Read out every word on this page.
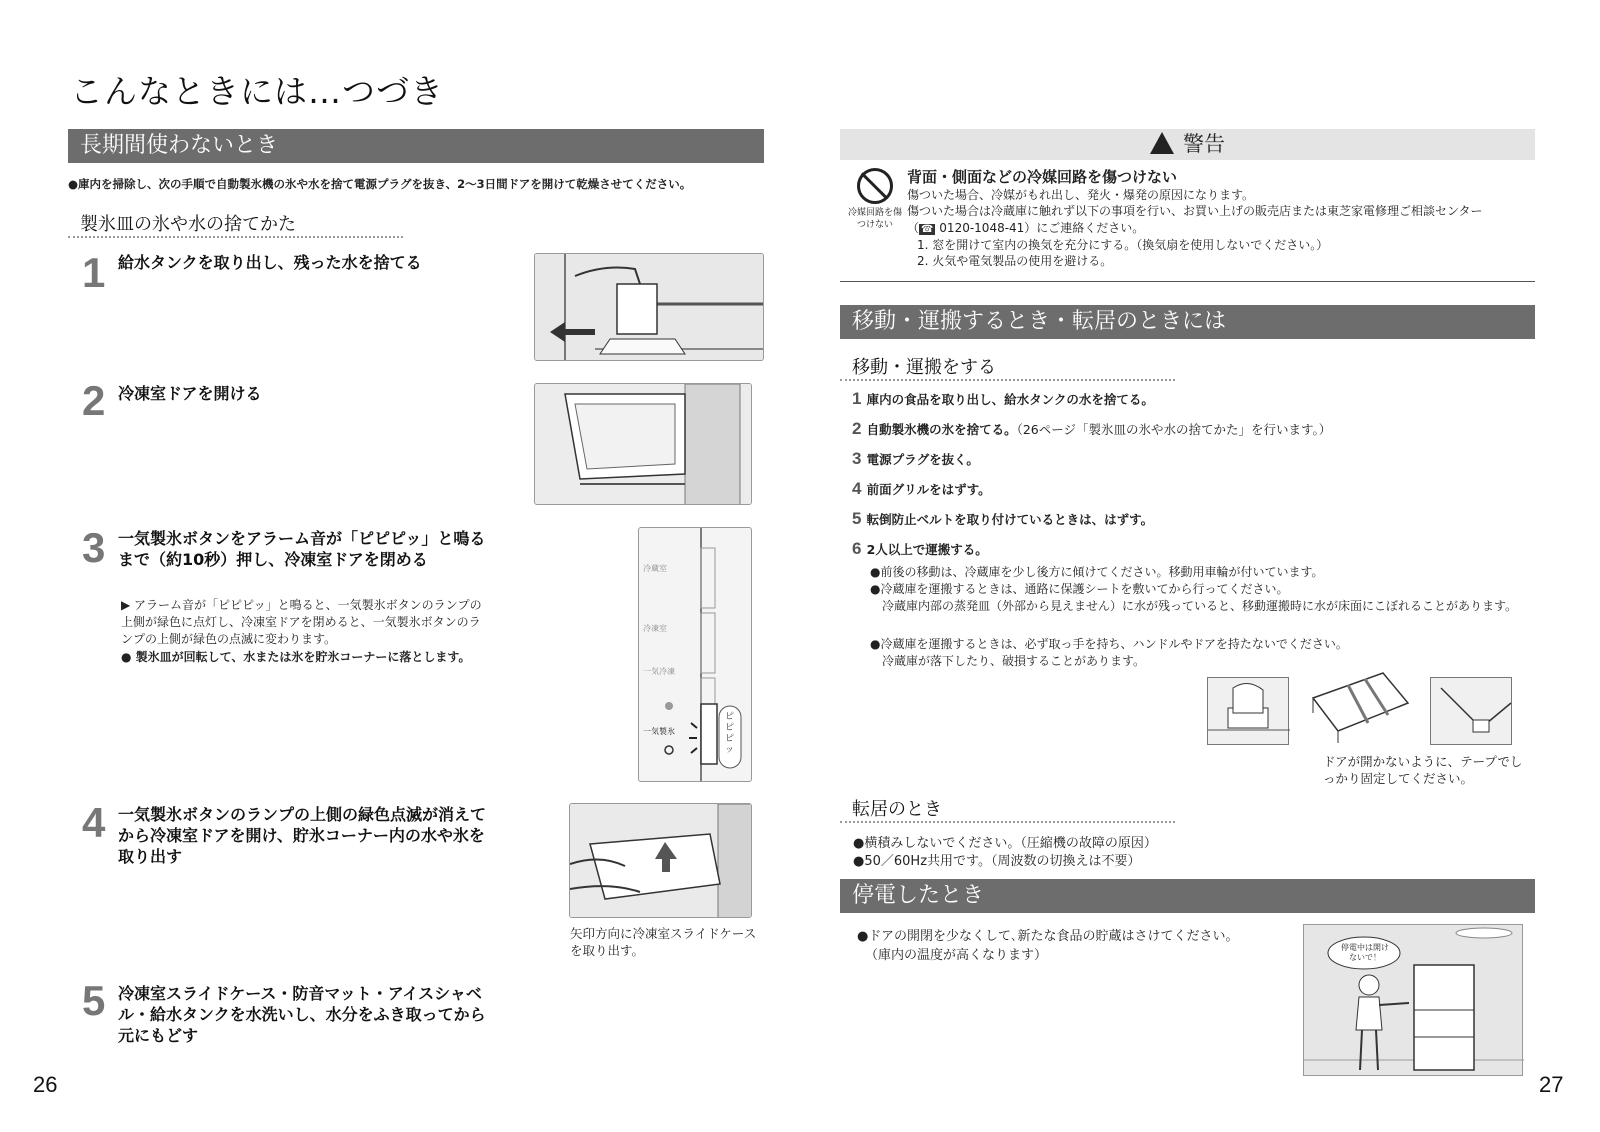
こんなときには…つづき
長期間使わないとき
●庫内を掃除し、次の手順で自動製氷機の氷や水を捨て電源プラグを抜き、2〜3日間ドアを開けて乾燥させてください。
製氷皿の氷や水の捨てかた
1 給水タンクを取り出し、残った水を捨てる
2 冷凍室ドアを開ける
3 一気製氷ボタンをアラーム音が「ピピピッ」と鳴るまで（約10秒）押し、冷凍室ドアを閉める
▶ アラーム音が「ピピピッ」と鳴ると、一気製氷ボタンのランプの上側が緑色に点灯し、冷凍室ドアを閉めると、一気製氷ボタンのランプの上側が緑色の点滅に変わります。
● 製氷皿が回転して、水または氷を貯氷コーナーに落とします。
冷蔵室
冷凍室
一気冷凍
一気製氷
ピピピッ
4 一気製氷ボタンのランプの上側の緑色点滅が消えてから冷凍室ドアを開け、貯氷コーナー内の水や氷を取り出す
矢印方向に冷凍室スライドケースを取り出す。
5 冷凍室スライドケース・防音マット・アイスシャベル・給水タンクを水洗いし、水分をふき取ってから元にもどす
26
警告
冷媒回路を傷つけない
背面・側面などの冷媒回路を傷つけない
傷ついた場合、冷媒がもれ出し、発火・爆発の原因になります。
傷ついた場合は冷蔵庫に触れず以下の事項を行い、お買い上げの販売店または東芝家電修理ご相談センター
（ ☎ 0120-1048-41）にご連絡ください。
1. 窓を開けて室内の換気を充分にする。（換気扇を使用しないでください。）
2. 火気や電気製品の使用を避ける。
移動・運搬するとき・転居のときには
移動・運搬をする
1 庫内の食品を取り出し、給水タンクの水を捨てる。
2 自動製氷機の氷を捨てる。（26ページ「製氷皿の氷や水の捨てかた」を行います。）
3 電源プラグを抜く。
4 前面グリルをはずす。
5 転倒防止ベルトを取り付けているときは、はずす。
6 2人以上で運搬する。
●前後の移動は、冷蔵庫を少し後方に傾けてください。移動用車輪が付いています。
●冷蔵庫を運搬するときは、通路に保護シートを敷いてから行ってください。
冷蔵庫内部の蒸発皿（外部から見えません）に水が残っていると、移動運搬時に水が床面にこぼれることがあります。
●冷蔵庫を運搬するときは、必ず取っ手を持ち、ハンドルやドアを持たないでください。
冷蔵庫が落下したり、破損することがあります。
ドアが開かないように、テープでしっかり固定してください。
転居のとき
●横積みしないでください。（圧縮機の故障の原因）
●50／60Hz共用です。（周波数の切換えは不要）
停電したとき
●ドアの開閉を少なくして､新たな食品の貯蔵はさけてください。
（庫内の温度が高くなります）
停電中は開けないで！
27
